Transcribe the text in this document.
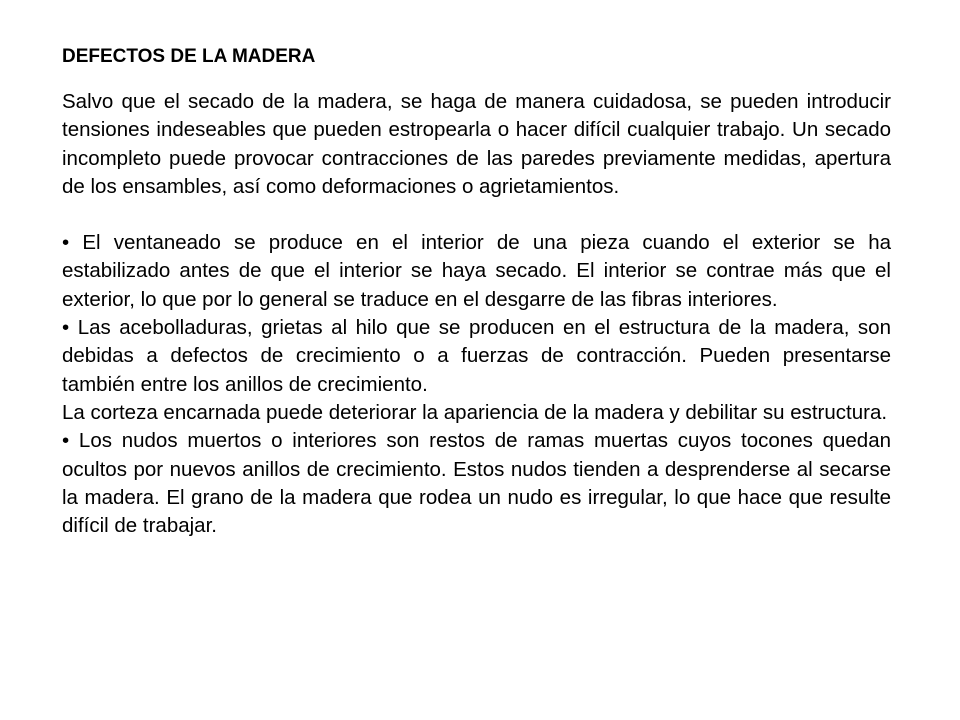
DEFECTOS DE LA MADERA

Salvo que el secado de la madera, se haga de manera cuidadosa, se pueden introducir tensiones indeseables que pueden estropearla o hacer difícil cualquier trabajo. Un secado incompleto puede provocar contracciones de las paredes previamente medidas, apertura de los ensambles, así como deformaciones o agrietamientos.

• El ventaneado se produce en el interior de una pieza cuando el exterior se ha estabilizado antes de que el interior se haya secado. El interior se contrae más que el exterior, lo que por lo general se traduce en el desgarre de las fibras interiores.

• Las acebolladuras, grietas al hilo que se producen en el estructura de la madera, son debidas a defectos de crecimiento o a fuerzas de contracción. Pueden presentarse también entre los anillos de crecimiento.

La corteza encarnada puede deteriorar la apariencia de la madera y debilitar su estructura.

• Los nudos muertos o interiores son restos de ramas muertas cuyos tocones quedan ocultos por nuevos anillos de crecimiento. Estos nudos tienden a desprenderse al secarse la madera. El grano de la madera que rodea un nudo es irregular, lo que hace que resulte difícil de trabajar.
